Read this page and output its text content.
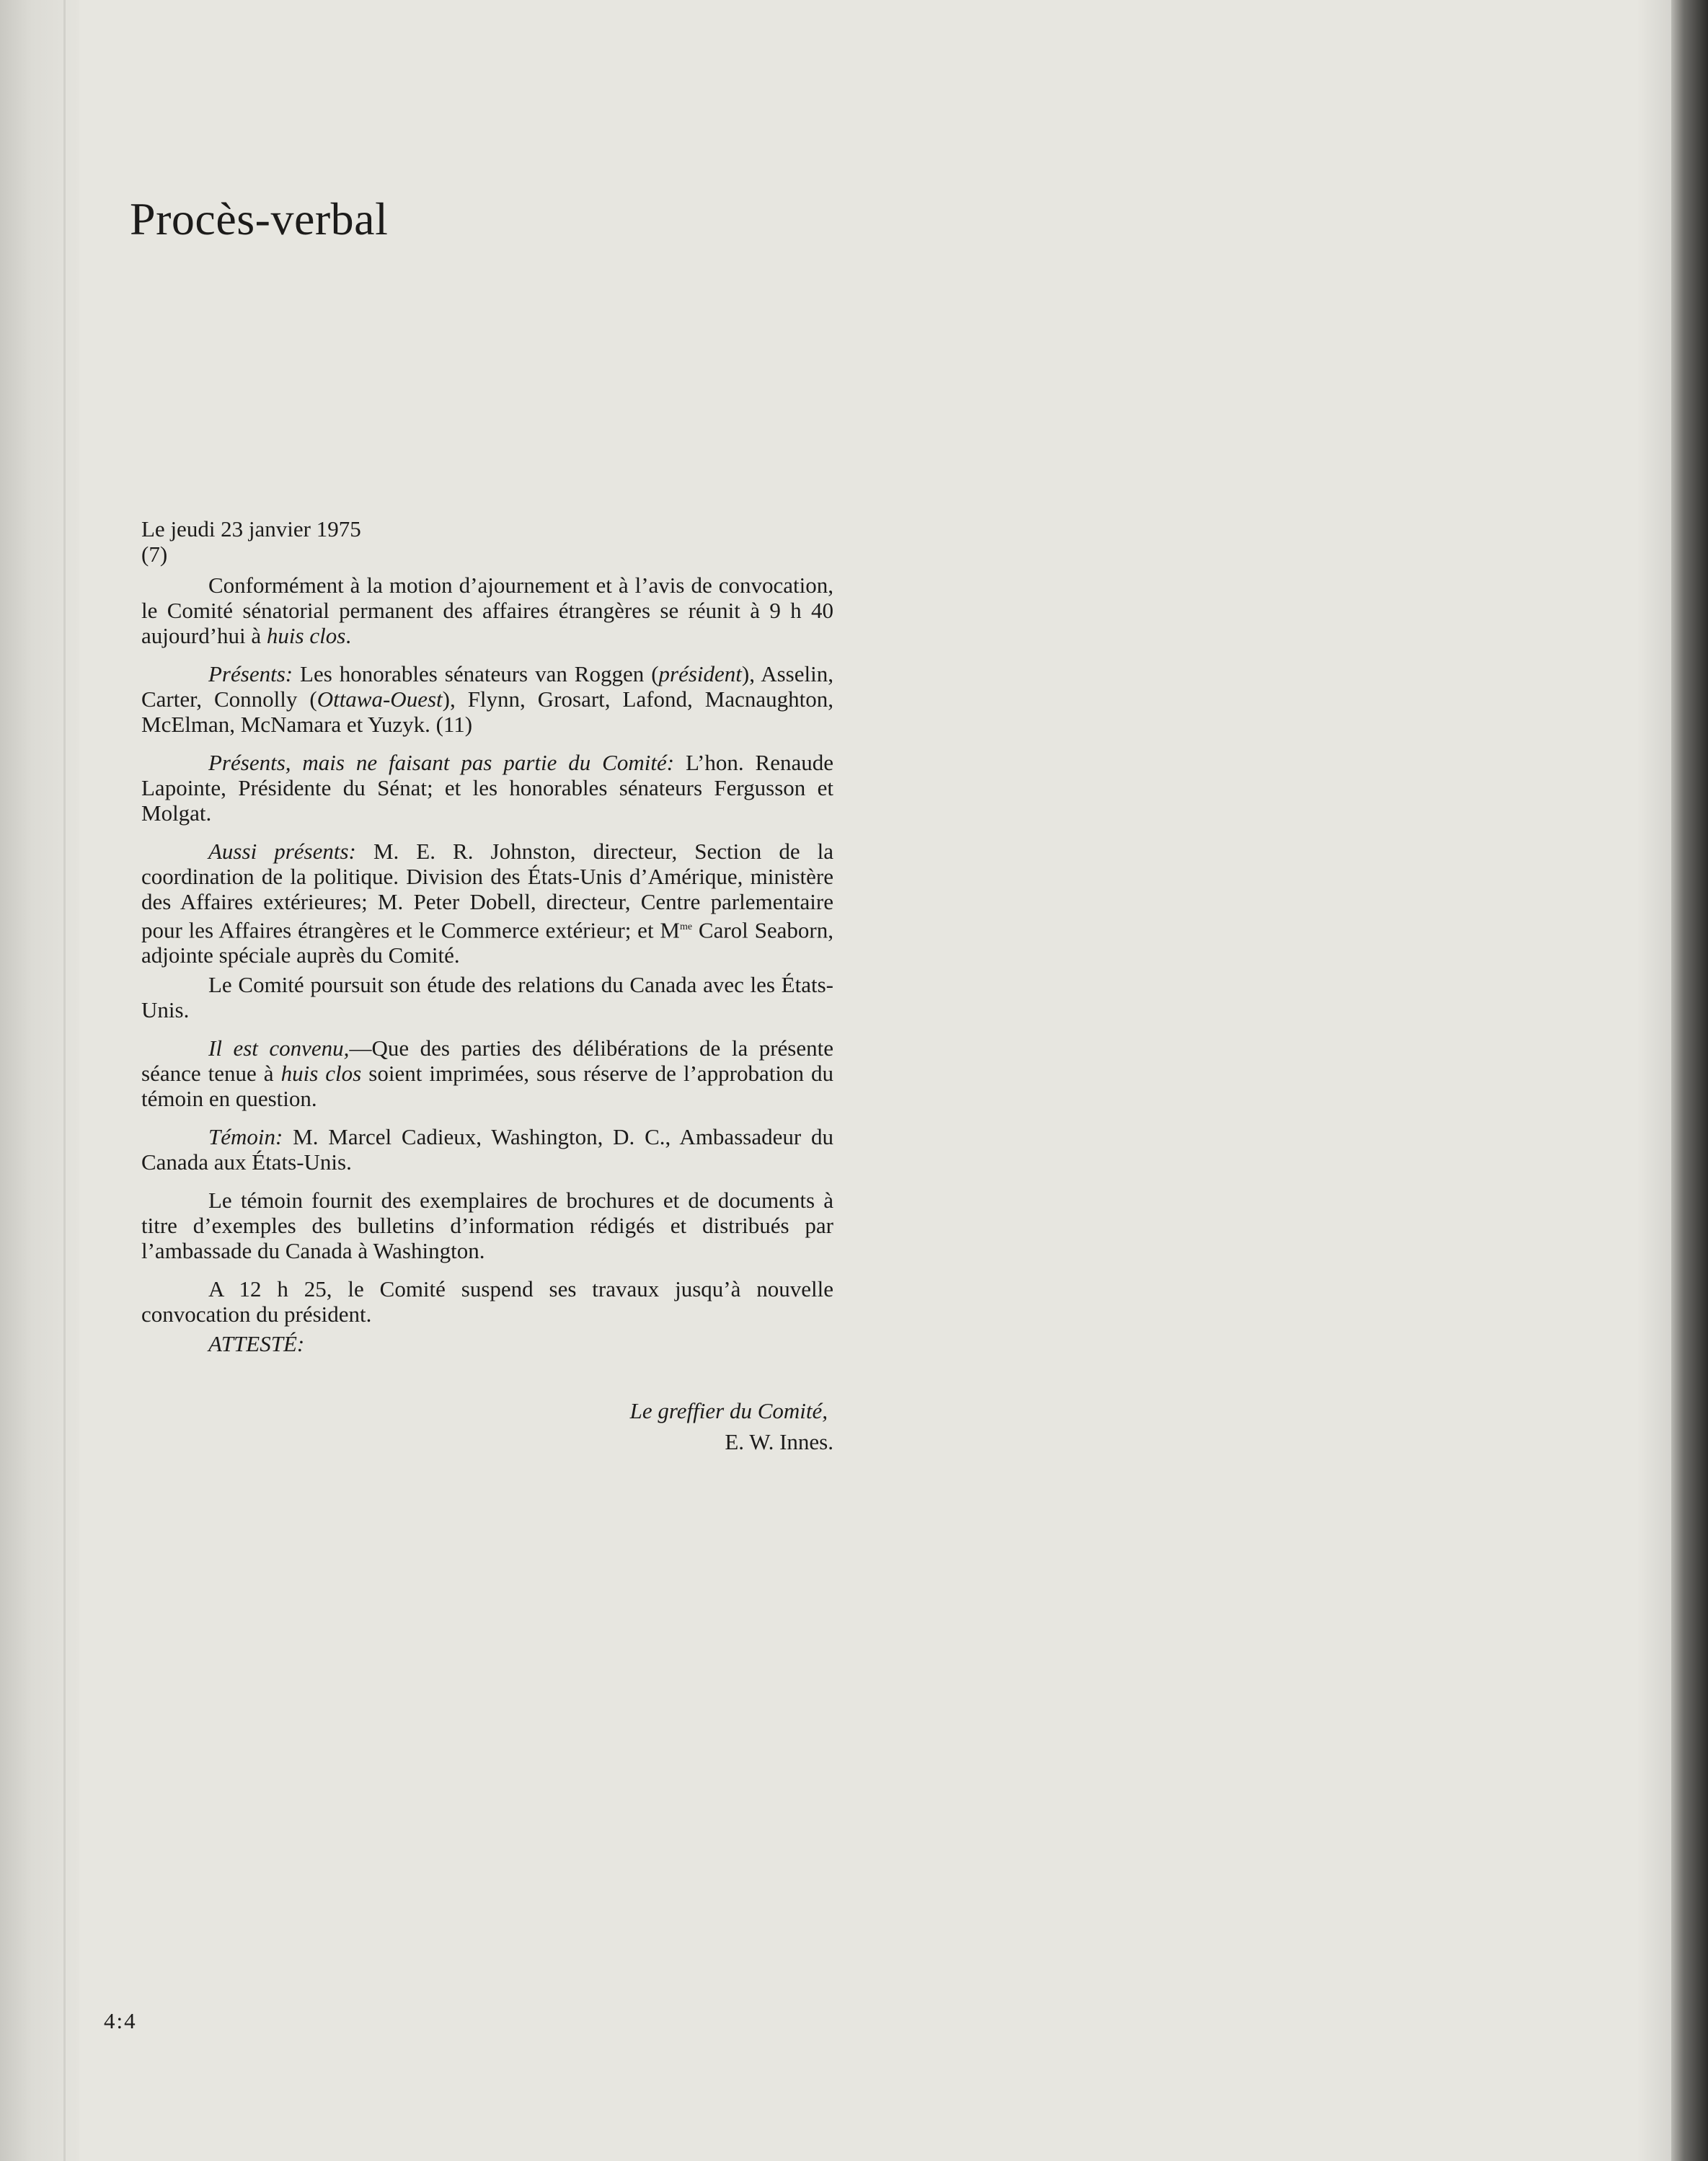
Procès-verbal

Le jeudi 23 janvier 1975

(7)

Conformément à la motion d’ajournement et à l’avis de convocation, le Comité sénatorial permanent des affaires étrangères se réunit à 9 h 40 aujourd’hui à huis clos.

Présents: Les honorables sénateurs van Roggen (président), Asselin, Carter, Connolly (Ottawa-Ouest), Flynn, Grosart, Lafond, Macnaughton, McElman, McNamara et Yuzyk. (11)

Présents, mais ne faisant pas partie du Comité: L’hon. Renaude Lapointe, Présidente du Sénat; et les honorables sénateurs Fergusson et Molgat.

Aussi présents: M. E. R. Johnston, directeur, Section de la coordination de la politique. Division des États-Unis d’Amérique, ministère des Affaires extérieures; M. Peter Dobell, directeur, Centre parlementaire pour les Affaires étrangères et le Commerce extérieur; et $M^{me}$ Carol Seaborn, adjointe spéciale auprès du Comité.

Le Comité poursuit son étude des relations du Canada avec les États-Unis.

Il est convenu,—Que des parties des délibérations de la présente séance tenue à huis clos soient imprimées, sous réserve de l’approbation du témoin en question.

Témoin: M. Marcel Cadieux, Washington, D. C., Ambassadeur du Canada aux États-Unis.

Le témoin fournit des exemplaires de brochures et de documents à titre d’exemples des bulletins d’information rédigés et distribués par l’ambassade du Canada à Washington.

A 12 h 25, le Comité suspend ses travaux jusqu’à nouvelle convocation du président.

ATTESTÉ:

Le greffier du Comité,

E. W. Innes.

4:4
